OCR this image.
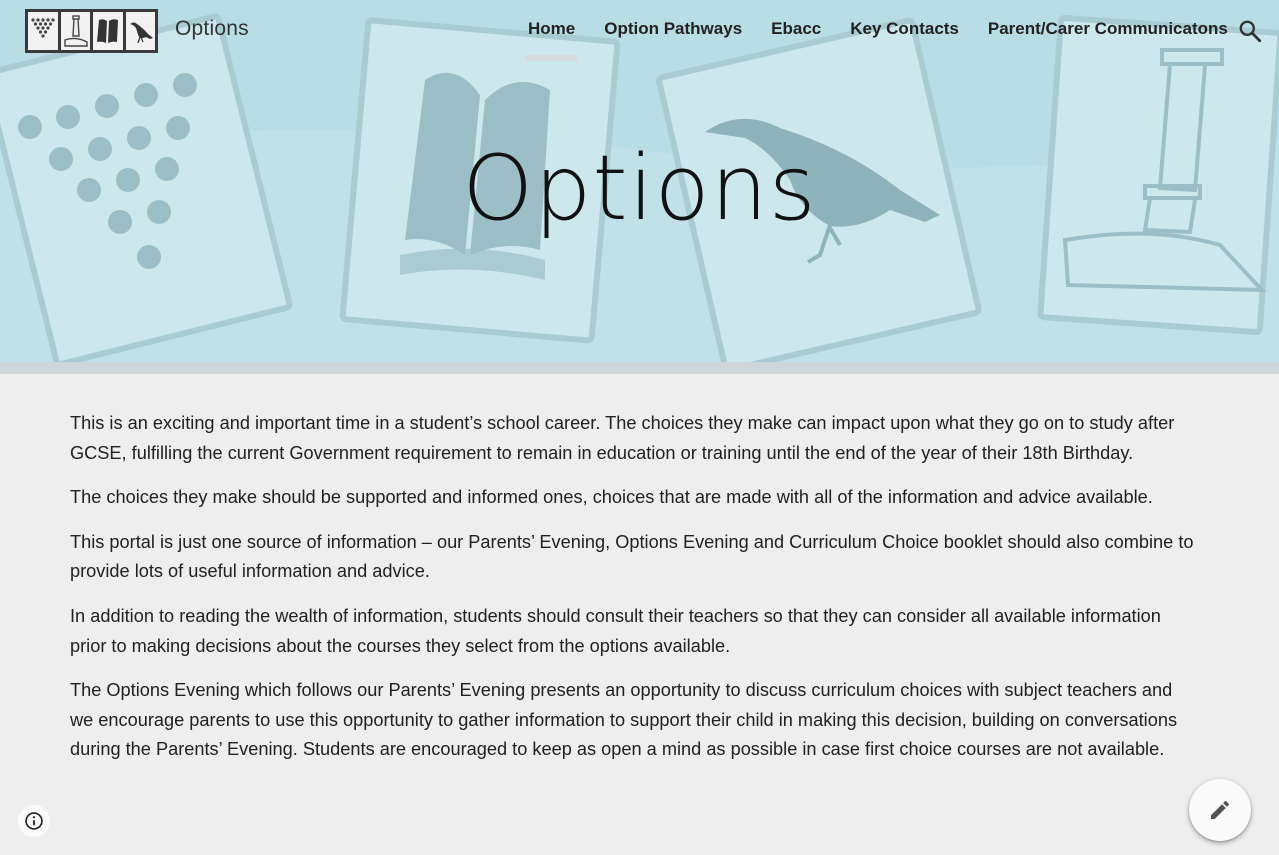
Options	Home Option Pathways Ebacc Key Contacts Parent/Carer Communicatons
Options

This is an exciting and important time in a student’s school career. The choices they make can impact upon what they go on to study after GCSE, fulfilling the current Government requirement to remain in education or training until the end of the year of their 18th Birthday.

The choices they make should be supported and informed ones, choices that are made with all of the information and advice available.

This portal is just one source of information – our Parents’ Evening, Options Evening and Curriculum Choice booklet should also combine to provide lots of useful information and advice.

In addition to reading the wealth of information, students should consult their teachers so that they can consider all available information prior to making decisions about the courses they select from the options available.

The Options Evening which follows our Parents’ Evening presents an opportunity to discuss curriculum choices with subject teachers and we encourage parents to use this opportunity to gather information to support their child in making this decision, building on conversations during the Parents’ Evening. Students are encouraged to keep as open a mind as possible in case first choice courses are not available.
